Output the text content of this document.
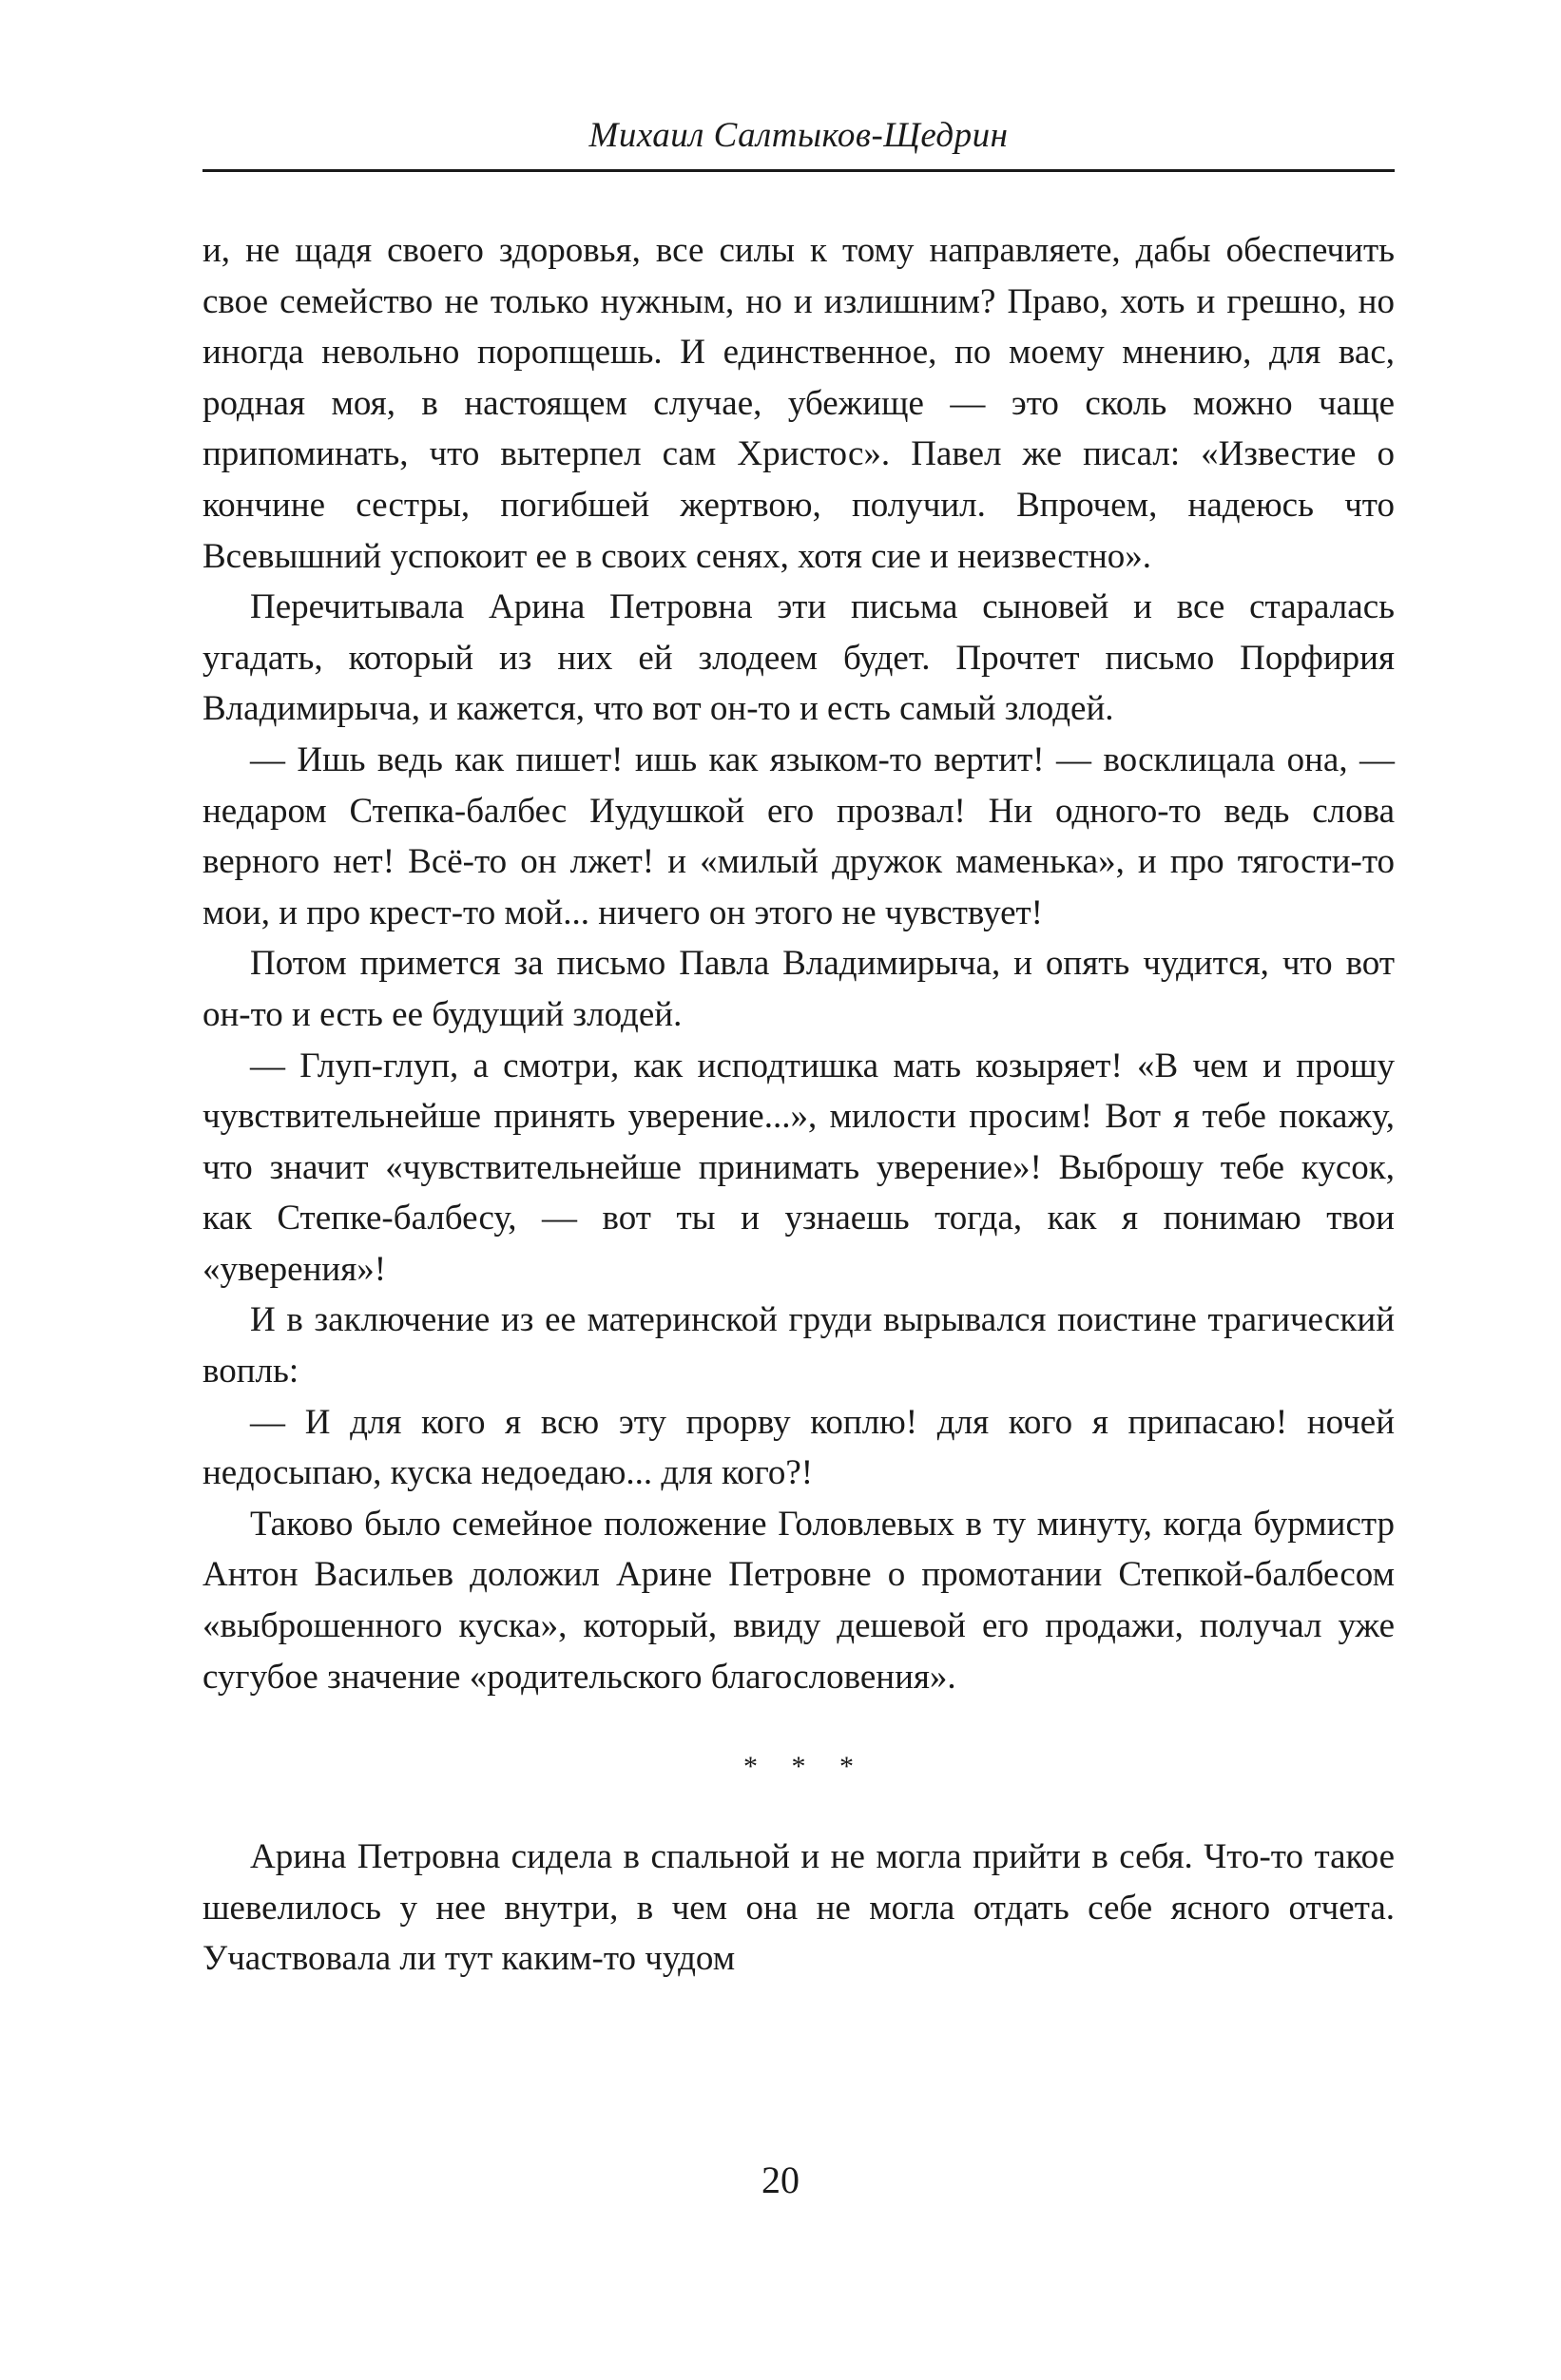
Михаил Салтыков-Щедрин

и, не щадя своего здоровья, все силы к тому направляете, дабы обеспечить свое семейство не только нужным, но и излишним? Право, хоть и грешно, но иногда невольно поропщешь. И единственное, по моему мнению, для вас, родная моя, в настоящем случае, убежище — это сколь можно чаще припоминать, что вытерпел сам Христос». Павел же писал: «Известие о кончине сестры, погибшей жертвою, получил. Впрочем, надеюсь что Всевышний успокоит ее в своих сенях, хотя сие и неизвестно».

Перечитывала Арина Петровна эти письма сыновей и все старалась угадать, который из них ей злодеем будет. Прочтет письмо Порфирия Владимирыча, и кажется, что вот он-то и есть самый злодей.

— Ишь ведь как пишет! ишь как языком-то вертит! — восклицала она, — недаром Степка-балбес Иудушкой его прозвал! Ни одного-то ведь слова верного нет! Всё-то он лжет! и «милый дружок маменька», и про тягости-то мои, и про крест-то мой... ничего он этого не чувствует!

Потом примется за письмо Павла Владимирыча, и опять чудится, что вот он-то и есть ее будущий злодей.

— Глуп-глуп, а смотри, как исподтишка мать козыряет! «В чем и прошу чувствительнейше принять уверение...», милости просим! Вот я тебе покажу, что значит «чувствительнейше принимать уверение»! Выброшу тебе кусок, как Степке-балбесу, — вот ты и узнаешь тогда, как я понимаю твои «уверения»!

И в заключение из ее материнской груди вырывался поистине трагический вопль:

— И для кого я всю эту прорву коплю! для кого я припасаю! ночей недосыпаю, куска недоедаю... для кого?!

Таково было семейное положение Головлевых в ту минуту, когда бурмистр Антон Васильев доложил Арине Петровне о промотании Степкой-балбесом «выброшенного куска», который, ввиду дешевой его продажи, получал уже сугубое значение «родительского благословения».

* * *

Арина Петровна сидела в спальной и не могла прийти в себя. Что-то такое шевелилось у нее внутри, в чем она не могла отдать себе ясного отчета. Участвовала ли тут каким-то чудом

20
